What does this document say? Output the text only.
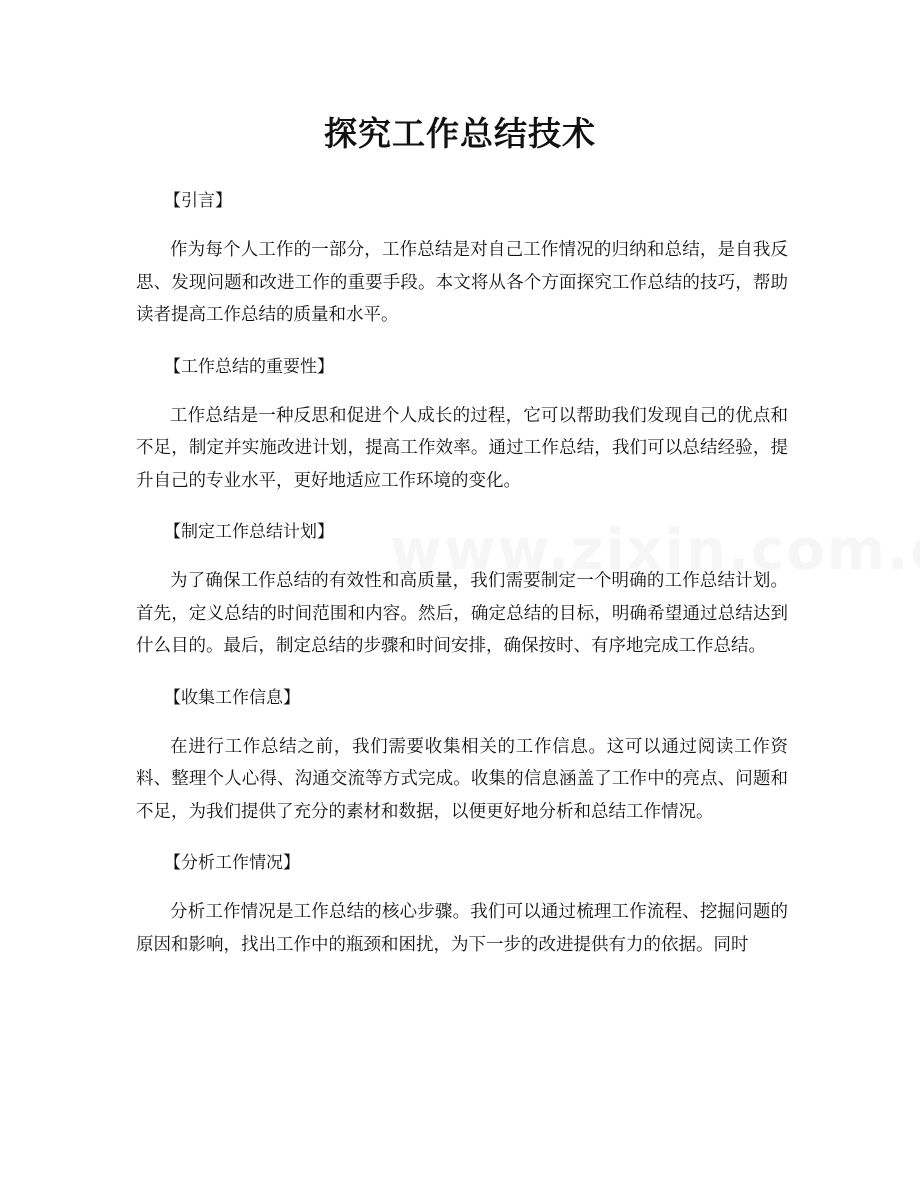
探究工作总结技术
【引言】

作为每个人工作的一部分，工作总结是对自己工作情况的归纳和总结，是自我反思、发现问题和改进工作的重要手段。本文将从各个方面探究工作总结的技巧，帮助读者提高工作总结的质量和水平。

【工作总结的重要性】

工作总结是一种反思和促进个人成长的过程，它可以帮助我们发现自己的优点和不足，制定并实施改进计划，提高工作效率。通过工作总结，我们可以总结经验，提升自己的专业水平，更好地适应工作环境的变化。

【制定工作总结计划】

为了确保工作总结的有效性和高质量，我们需要制定一个明确的工作总结计划。首先，定义总结的时间范围和内容。然后，确定总结的目标，明确希望通过总结达到什么目的。最后，制定总结的步骤和时间安排，确保按时、有序地完成工作总结。

【收集工作信息】

在进行工作总结之前，我们需要收集相关的工作信息。这可以通过阅读工作资料、整理个人心得、沟通交流等方式完成。收集的信息涵盖了工作中的亮点、问题和不足，为我们提供了充分的素材和数据，以便更好地分析和总结工作情况。

【分析工作情况】

分析工作情况是工作总结的核心步骤。我们可以通过梳理工作流程、挖掘问题的原因和影响，找出工作中的瓶颈和困扰，为下一步的改进提供有力的依据。同时
